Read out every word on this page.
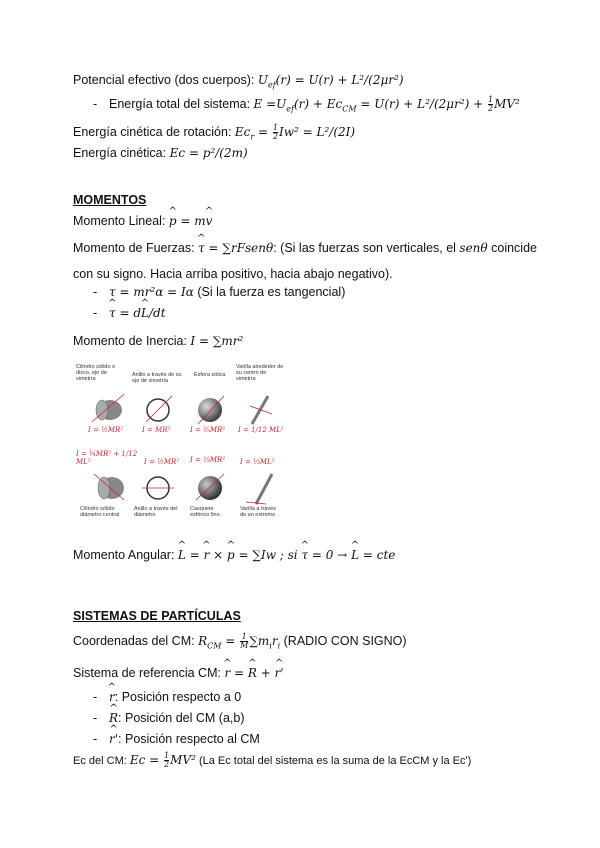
Potencial efectivo (dos cuerpos): $U_{ef}(r) = U(r) + L^2/(2\mu r^2)$
- Energía total del sistema: $E =U_{ef}(r) + Ec_{CM} = U(r) + L^2/(2\mu r^2) + \frac{1}{2} MV^2$
Energía cinética de rotación: $Ec_r = \frac{1}{2} Iw^2 = L^2/(2I)$
Energía cinética: Ec = p²/(2m)
MOMENTOS
Momento Lineal: ^ p = m^ v
Momento de Fuerzas: ^ τ = ∑rFsenθ: (Si las fuerzas son verticales, el senθ coincide
con su signo. Hacia arriba positivo, hacia abajo negativo).
- τ = mr²α = Iα (Si la fuerza es tangencial)
- ^ τ = d^ L/dt
Momento de Inercia: I = ∑mr²
Cilindro sólido o disco, eje de simetría
Anillo a través de su eje de simetría
Esfera sólica
Varilla alrededor de su centro de simetría
I = ½MR²	I = MR²	I = ⅖MR² I = 1/12 ML²
I = ¼MR² + 1/12 ML²	I = ½MR² I = ⅔MR² I = ⅓ML²
Cilindro sólido diámetro central
Anillo a través del diámetro
Casquete esférico fino
Varilla a través de un extremo
Momento Angular: ^ L = ^ r × ^ p = ∑Iw ; si ^ τ = 0 → ^ L = cte
SISTEMAS DE PARTÍCULAS
Coordenadas del CM: $R_{CM} = \frac{1}{M} \sum m_ir_i$ (RADIO CON SIGNO)
Sistema de referencia CM: ^ r = ^ R + ^ r'
- ^ r: Posición respecto a 0
- ^ R: Posición del CM (a,b)
- ^ r': Posición respecto al CM
Ec del CM: $Ec = \frac{1}{2} MV^2$ (La Ec total del sistema es la suma de la EcCM y la Ec')
